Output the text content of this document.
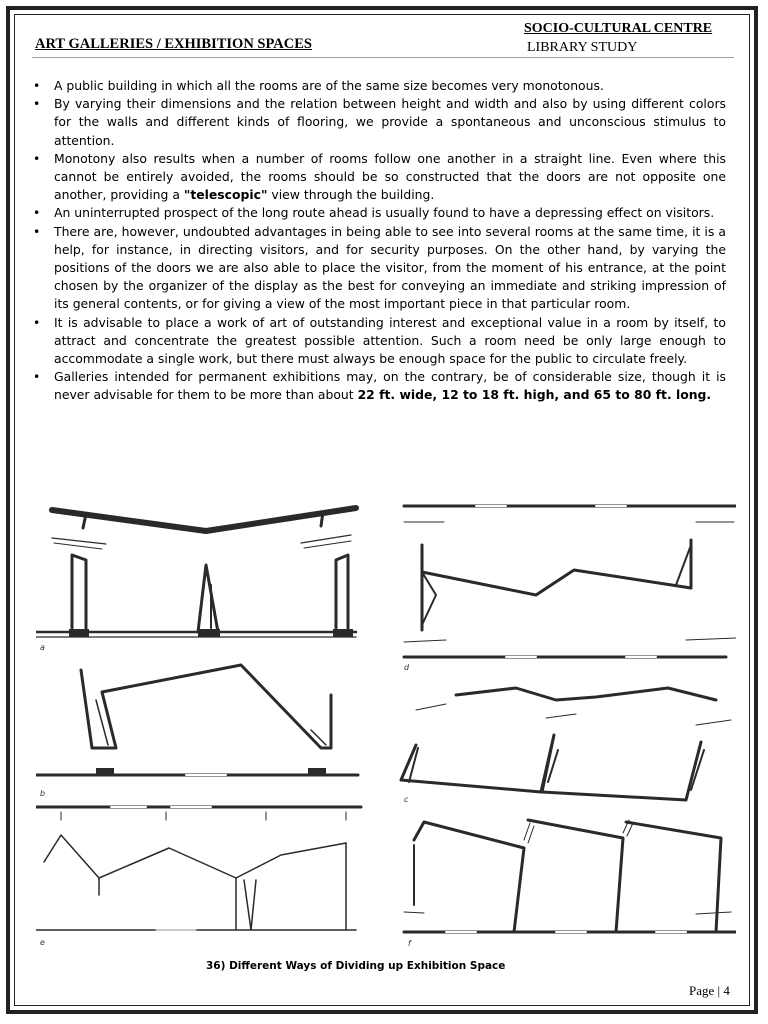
SOCIO-CULTURAL CENTRE
LIBRARY STUDY
ART GALLERIES / EXHIBITION SPACES
• A public building in which all the rooms are of the same size becomes very monotonous.
• By varying their dimensions and the relation between height and width and also by using different colors for the walls and different kinds of flooring, we provide a spontaneous and unconscious stimulus to attention.
• Monotony also results when a number of rooms follow one another in a straight line. Even where this cannot be entirely avoided, the rooms should be so constructed that the doors are not opposite one another, providing a "telescopic" view through the building.
• An uninterrupted prospect of the long route ahead is usually found to have a depressing effect on visitors.
• There are, however, undoubted advantages in being able to see into several rooms at the same time, it is a help, for instance, in directing visitors, and for security purposes. On the other hand, by varying the positions of the doors we are also able to place the visitor, from the moment of his entrance, at the point chosen by the organizer of the display as the best for conveying an immediate and striking impression of its general contents, or for giving a view of the most important piece in that particular room.
• It is advisable to place a work of art of outstanding interest and exceptional value in a room by itself, to attract and concentrate the greatest possible attention. Such a room need be only large enough to accommodate a single work, but there must always be enough space for the public to circulate freely.
• Galleries intended for permanent exhibitions may, on the contrary, be of considerable size, though it is never advisable for them to be more than about 22 ft. wide, 12 to 18 ft. high, and 65 to 80 ft. long.
a
d
b
c
e	f
36) Different Ways of Dividing up Exhibition Space
Page | 4
